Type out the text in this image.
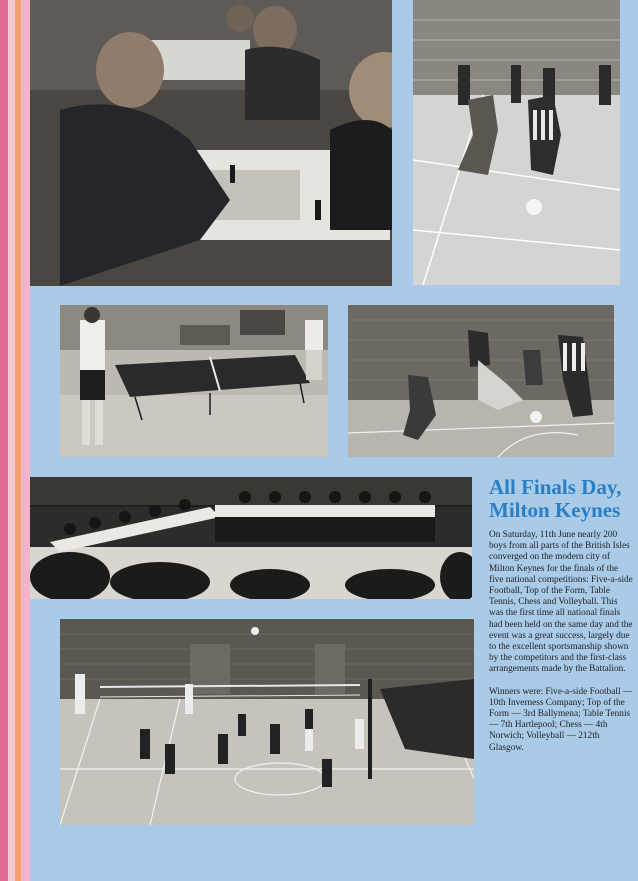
All Finals Day, Milton Keynes

On Saturday, 11th June nearly 200 boys from all parts of the British Isles converged on the modern city of Milton Keynes for the finals of the five national competitions: Five-a-side Football, Top of the Form, Table Tennis, Chess and Volleyball. This was the first time all national finals had been held on the same day and the event was a great success, largely due to the excellent sportsmanship shown by the competitors and the first-class arrangements made by the Battalion.

Winners were: Five-a-side Football — 10th Inverness Company; Top of the Form — 3rd Ballymena; Table Tennis — 7th Hartlepool; Chess — 4th Norwich; Volleyball — 212th Glasgow.
